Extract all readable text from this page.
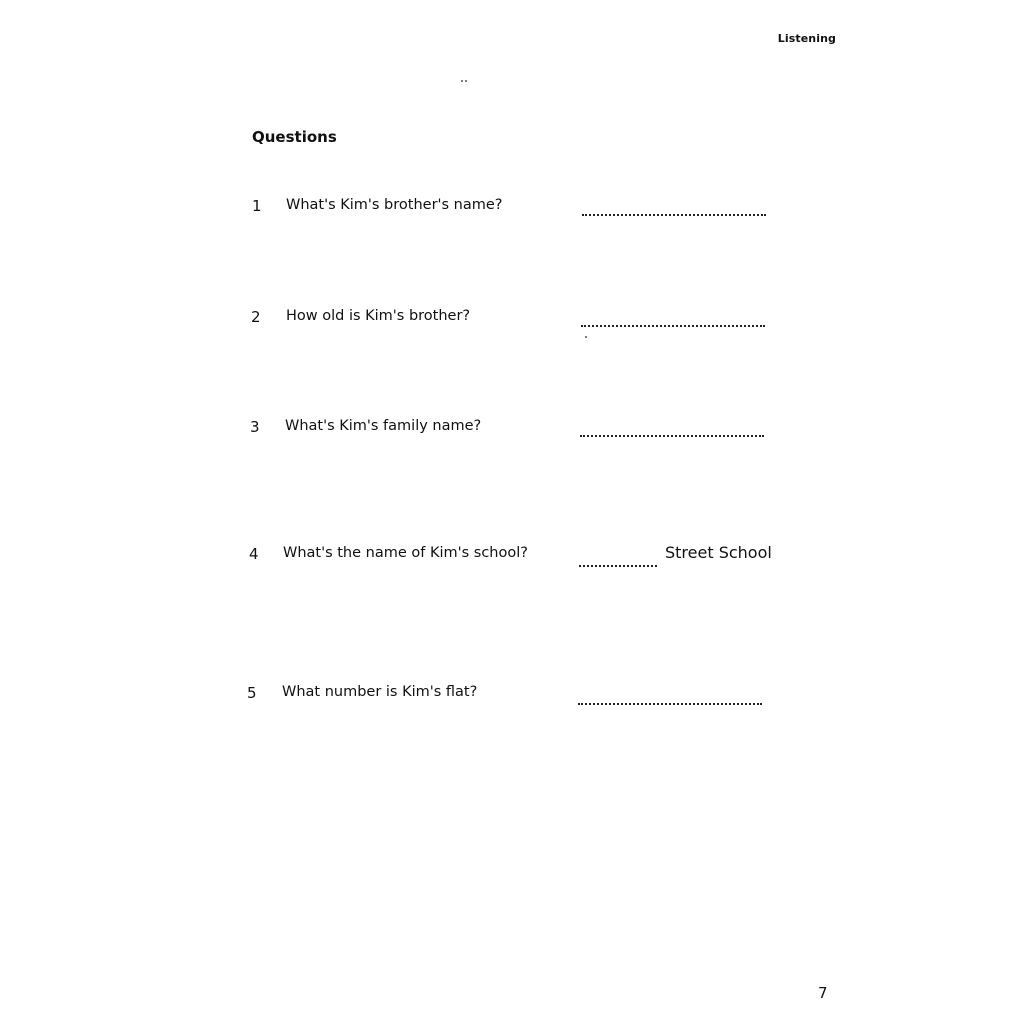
Listening
Questions
1	What's Kim's brother's name?
2	How old is Kim's brother?
3	What's Kim's family name?
4	What's the name of Kim's school?	Street School
5	What number is Kim's flat?
7
